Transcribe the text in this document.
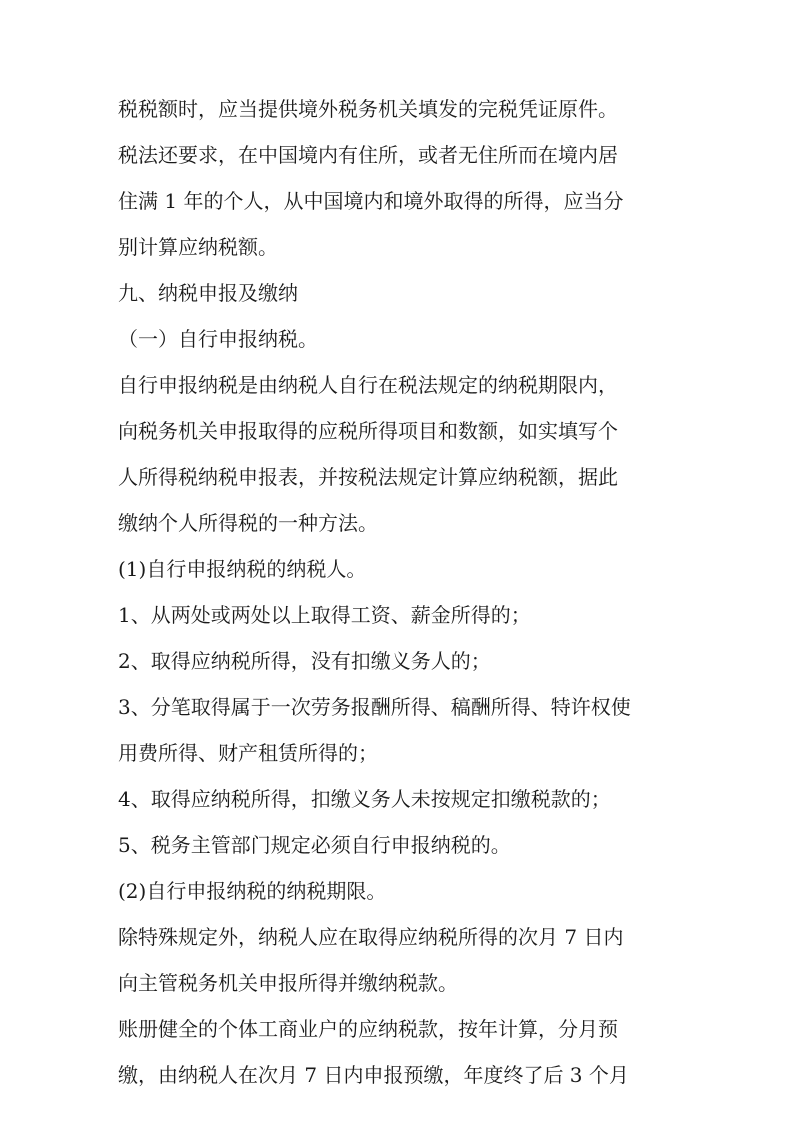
税税额时，应当提供境外税务机关填发的完税凭证原件。
税法还要求，在中国境内有住所，或者无住所而在境内居
住满 1 年的个人，从中国境内和境外取得的所得，应当分
别计算应纳税额。
九、纳税申报及缴纳
（一）自行申报纳税。
自行申报纳税是由纳税人自行在税法规定的纳税期限内，
向税务机关申报取得的应税所得项目和数额，如实填写个
人所得税纳税申报表，并按税法规定计算应纳税额，据此
缴纳个人所得税的一种方法。
(1)自行申报纳税的纳税人。
1、从两处或两处以上取得工资、薪金所得的；
2、取得应纳税所得，没有扣缴义务人的；
3、分笔取得属于一次劳务报酬所得、稿酬所得、特许权使
用费所得、财产租赁所得的；
4、取得应纳税所得，扣缴义务人未按规定扣缴税款的；
5、税务主管部门规定必须自行申报纳税的。
(2)自行申报纳税的纳税期限。
除特殊规定外，纳税人应在取得应纳税所得的次月 7 日内
向主管税务机关申报所得并缴纳税款。
账册健全的个体工商业户的应纳税款，按年计算，分月预
缴，由纳税人在次月 7 日内申报预缴，年度终了后 3 个月
